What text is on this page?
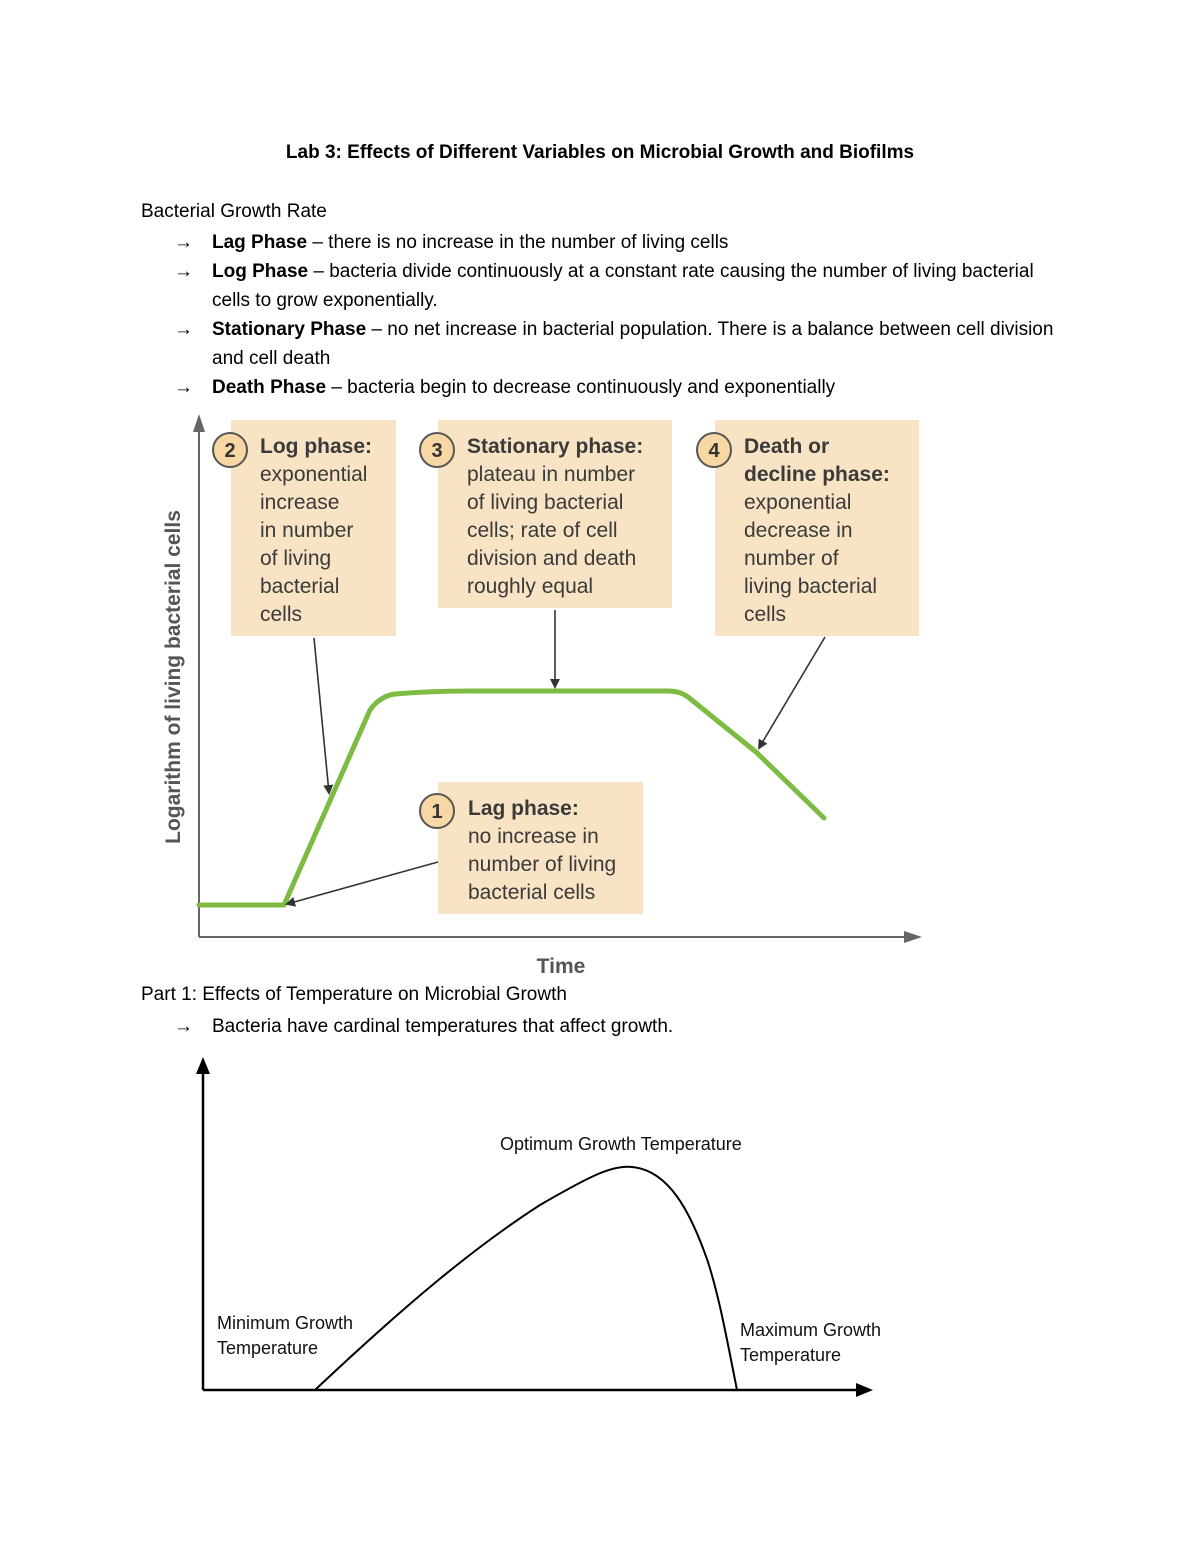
Lab 3: Effects of Different Variables on Microbial Growth and Biofilms
Bacterial Growth Rate
→	Lag Phase – there is no increase in the number of living cells
→	Log Phase – bacteria divide continuously at a constant rate causing the number of living bacterial cells to grow exponentially.
→	Stationary Phase – no net increase in bacterial population. There is a balance between cell division and cell death
→	Death Phase – bacteria begin to decrease continuously and exponentially
Logarithm of living bacterial cells
Time
2 Log phase:
exponential
increase
in number
of living
bacterial
cells
3 Stationary phase:
plateau in number
of living bacterial
cells; rate of cell
division and death
roughly equal
4 Death or
decline phase:
exponential
decrease in
number of
living bacterial
cells
1 Lag phase:
no increase in
number of living
bacterial cells
Part 1: Effects of Temperature on Microbial Growth
→	Bacteria have cardinal temperatures that affect growth.
Optimum Growth Temperature
Minimum Growth
Temperature
Maximum Growth
Temperature
